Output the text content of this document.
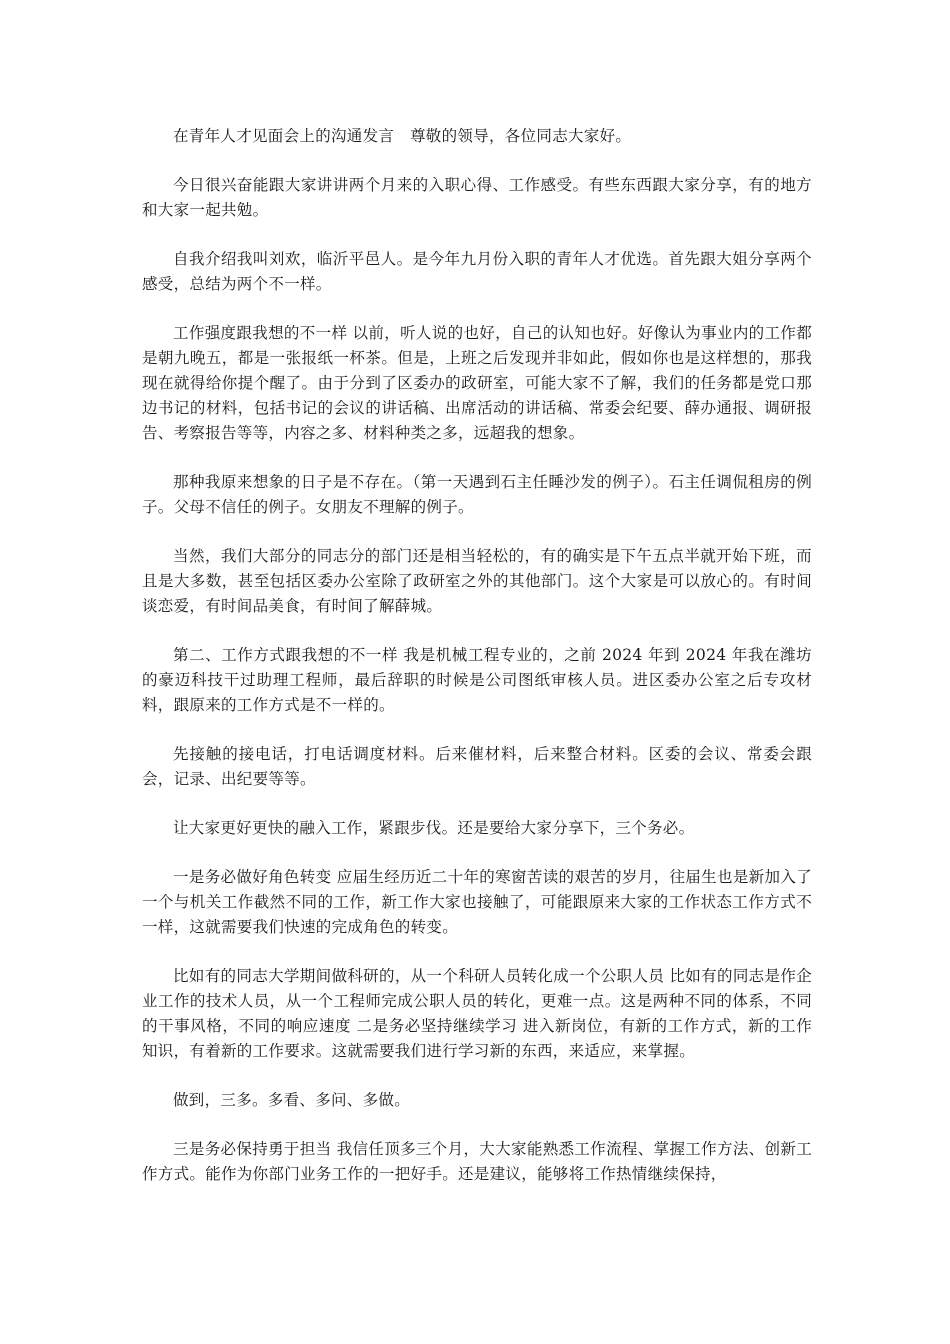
在青年人才见面会上的沟通发言　尊敬的领导，各位同志大家好。

今日很兴奋能跟大家讲讲两个月来的入职心得、工作感受。有些东西跟大家分享，有的地方和大家一起共勉。

自我介绍我叫刘欢，临沂平邑人。是今年九月份入职的青年人才优选。首先跟大姐分享两个感受，总结为两个不一样。

工作强度跟我想的不一样 以前，听人说的也好，自己的认知也好。好像认为事业内的工作都是朝九晚五，都是一张报纸一杯茶。但是，上班之后发现并非如此，假如你也是这样想的，那我现在就得给你提个醒了。由于分到了区委办的政研室，可能大家不了解，我们的任务都是党口那边书记的材料，包括书记的会议的讲话稿、出席活动的讲话稿、常委会纪要、薛办通报、调研报告、考察报告等等，内容之多、材料种类之多，远超我的想象。

那种我原来想象的日子是不存在。（第一天遇到石主任睡沙发的例子）。石主任调侃租房的例子。父母不信任的例子。女朋友不理解的例子。

当然，我们大部分的同志分的部门还是相当轻松的，有的确实是下午五点半就开始下班，而且是大多数，甚至包括区委办公室除了政研室之外的其他部门。这个大家是可以放心的。有时间谈恋爱，有时间品美食，有时间了解薛城。

第二、工作方式跟我想的不一样 我是机械工程专业的，之前 2024 年到 2024 年我在潍坊的豪迈科技干过助理工程师，最后辞职的时候是公司图纸审核人员。进区委办公室之后专攻材料，跟原来的工作方式是不一样的。

先接触的接电话，打电话调度材料。后来催材料，后来整合材料。区委的会议、常委会跟会，记录、出纪要等等。

让大家更好更快的融入工作，紧跟步伐。还是要给大家分享下，三个务必。

一是务必做好角色转变 应届生经历近二十年的寒窗苦读的艰苦的岁月，往届生也是新加入了一个与机关工作截然不同的工作，新工作大家也接触了，可能跟原来大家的工作状态工作方式不一样，这就需要我们快速的完成角色的转变。

比如有的同志大学期间做科研的，从一个科研人员转化成一个公职人员 比如有的同志是作企业工作的技术人员，从一个工程师完成公职人员的转化，更难一点。这是两种不同的体系，不同的干事风格，不同的响应速度 二是务必坚持继续学习 进入新岗位，有新的工作方式，新的工作知识，有着新的工作要求。这就需要我们进行学习新的东西，来适应，来掌握。

做到，三多。多看、多问、多做。

三是务必保持勇于担当 我信任顶多三个月，大大家能熟悉工作流程、掌握工作方法、创新工作方式。能作为你部门业务工作的一把好手。还是建议，能够将工作热情继续保持，
